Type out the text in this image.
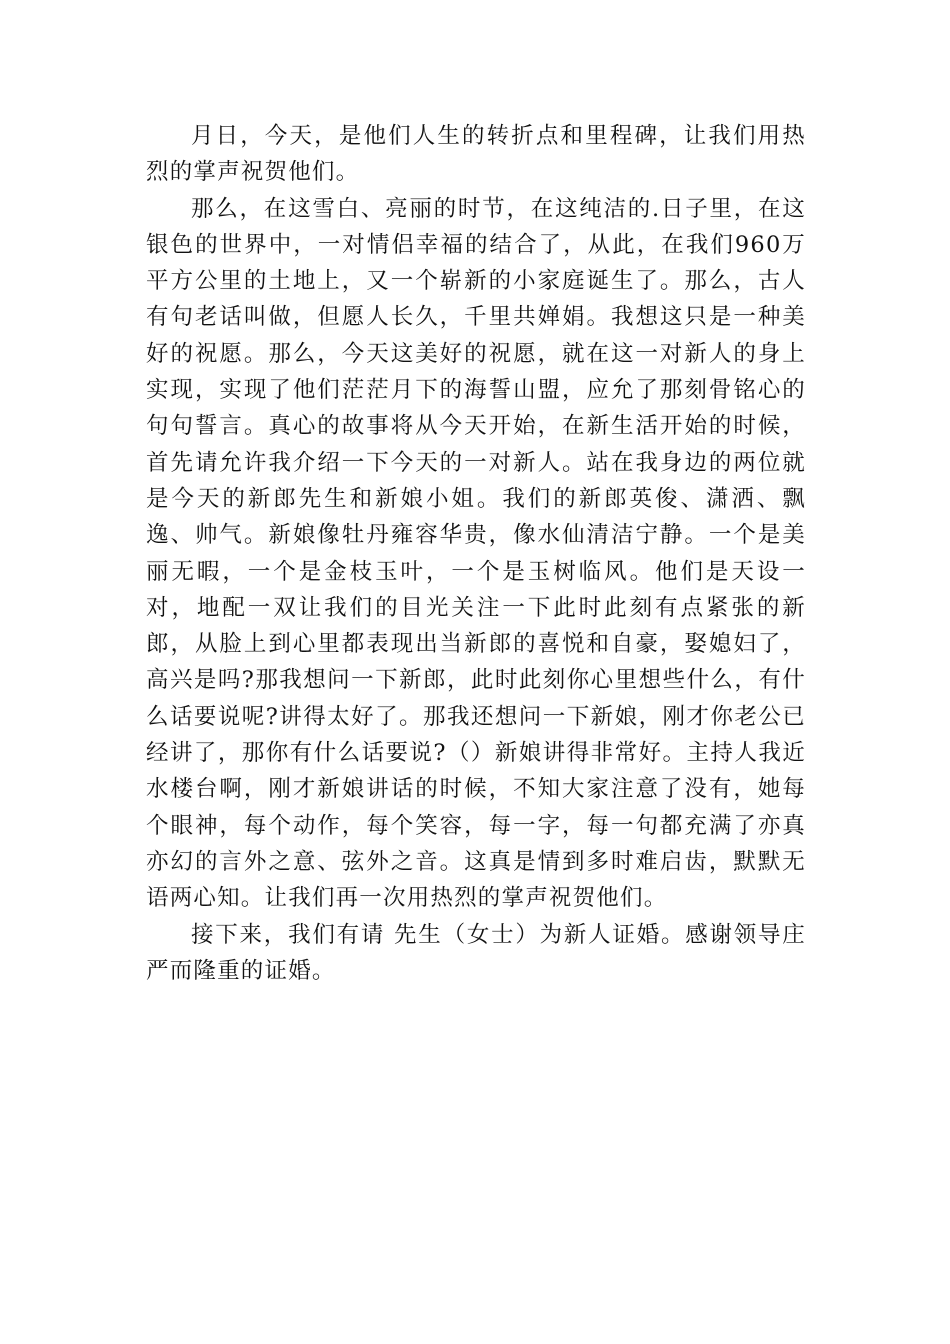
月日，今天，是他们人生的转折点和里程碑，让我们用热烈的掌声祝贺他们。

那么，在这雪白、亮丽的时节，在这纯洁的.日子里，在这银色的世界中，一对情侣幸福的结合了，从此，在我们960万平方公里的土地上，又一个崭新的小家庭诞生了。那么，古人有句老话叫做，但愿人长久，千里共婵娟。我想这只是一种美好的祝愿。那么，今天这美好的祝愿，就在这一对新人的身上实现，实现了他们茫茫月下的海誓山盟，应允了那刻骨铭心的句句誓言。真心的故事将从今天开始，在新生活开始的时候，首先请允许我介绍一下今天的一对新人。站在我身边的两位就是今天的新郎先生和新娘小姐。我们的新郎英俊、潇洒、飘逸、帅气。新娘像牡丹雍容华贵，像水仙清洁宁静。一个是美丽无暇，一个是金枝玉叶，一个是玉树临风。他们是天设一对，地配一双让我们的目光关注一下此时此刻有点紧张的新郎，从脸上到心里都表现出当新郎的喜悦和自豪，娶媳妇了，高兴是吗?那我想问一下新郎，此时此刻你心里想些什么，有什么话要说呢?讲得太好了。那我还想问一下新娘，刚才你老公已经讲了，那你有什么话要说?（）新娘讲得非常好。主持人我近水楼台啊，刚才新娘讲话的时候，不知大家注意了没有，她每个眼神，每个动作，每个笑容，每一字，每一句都充满了亦真亦幻的言外之意、弦外之音。这真是情到多时难启齿，默默无语两心知。让我们再一次用热烈的掌声祝贺他们。

接下来，我们有请 先生（女士）为新人证婚。感谢领导庄严而隆重的证婚。
